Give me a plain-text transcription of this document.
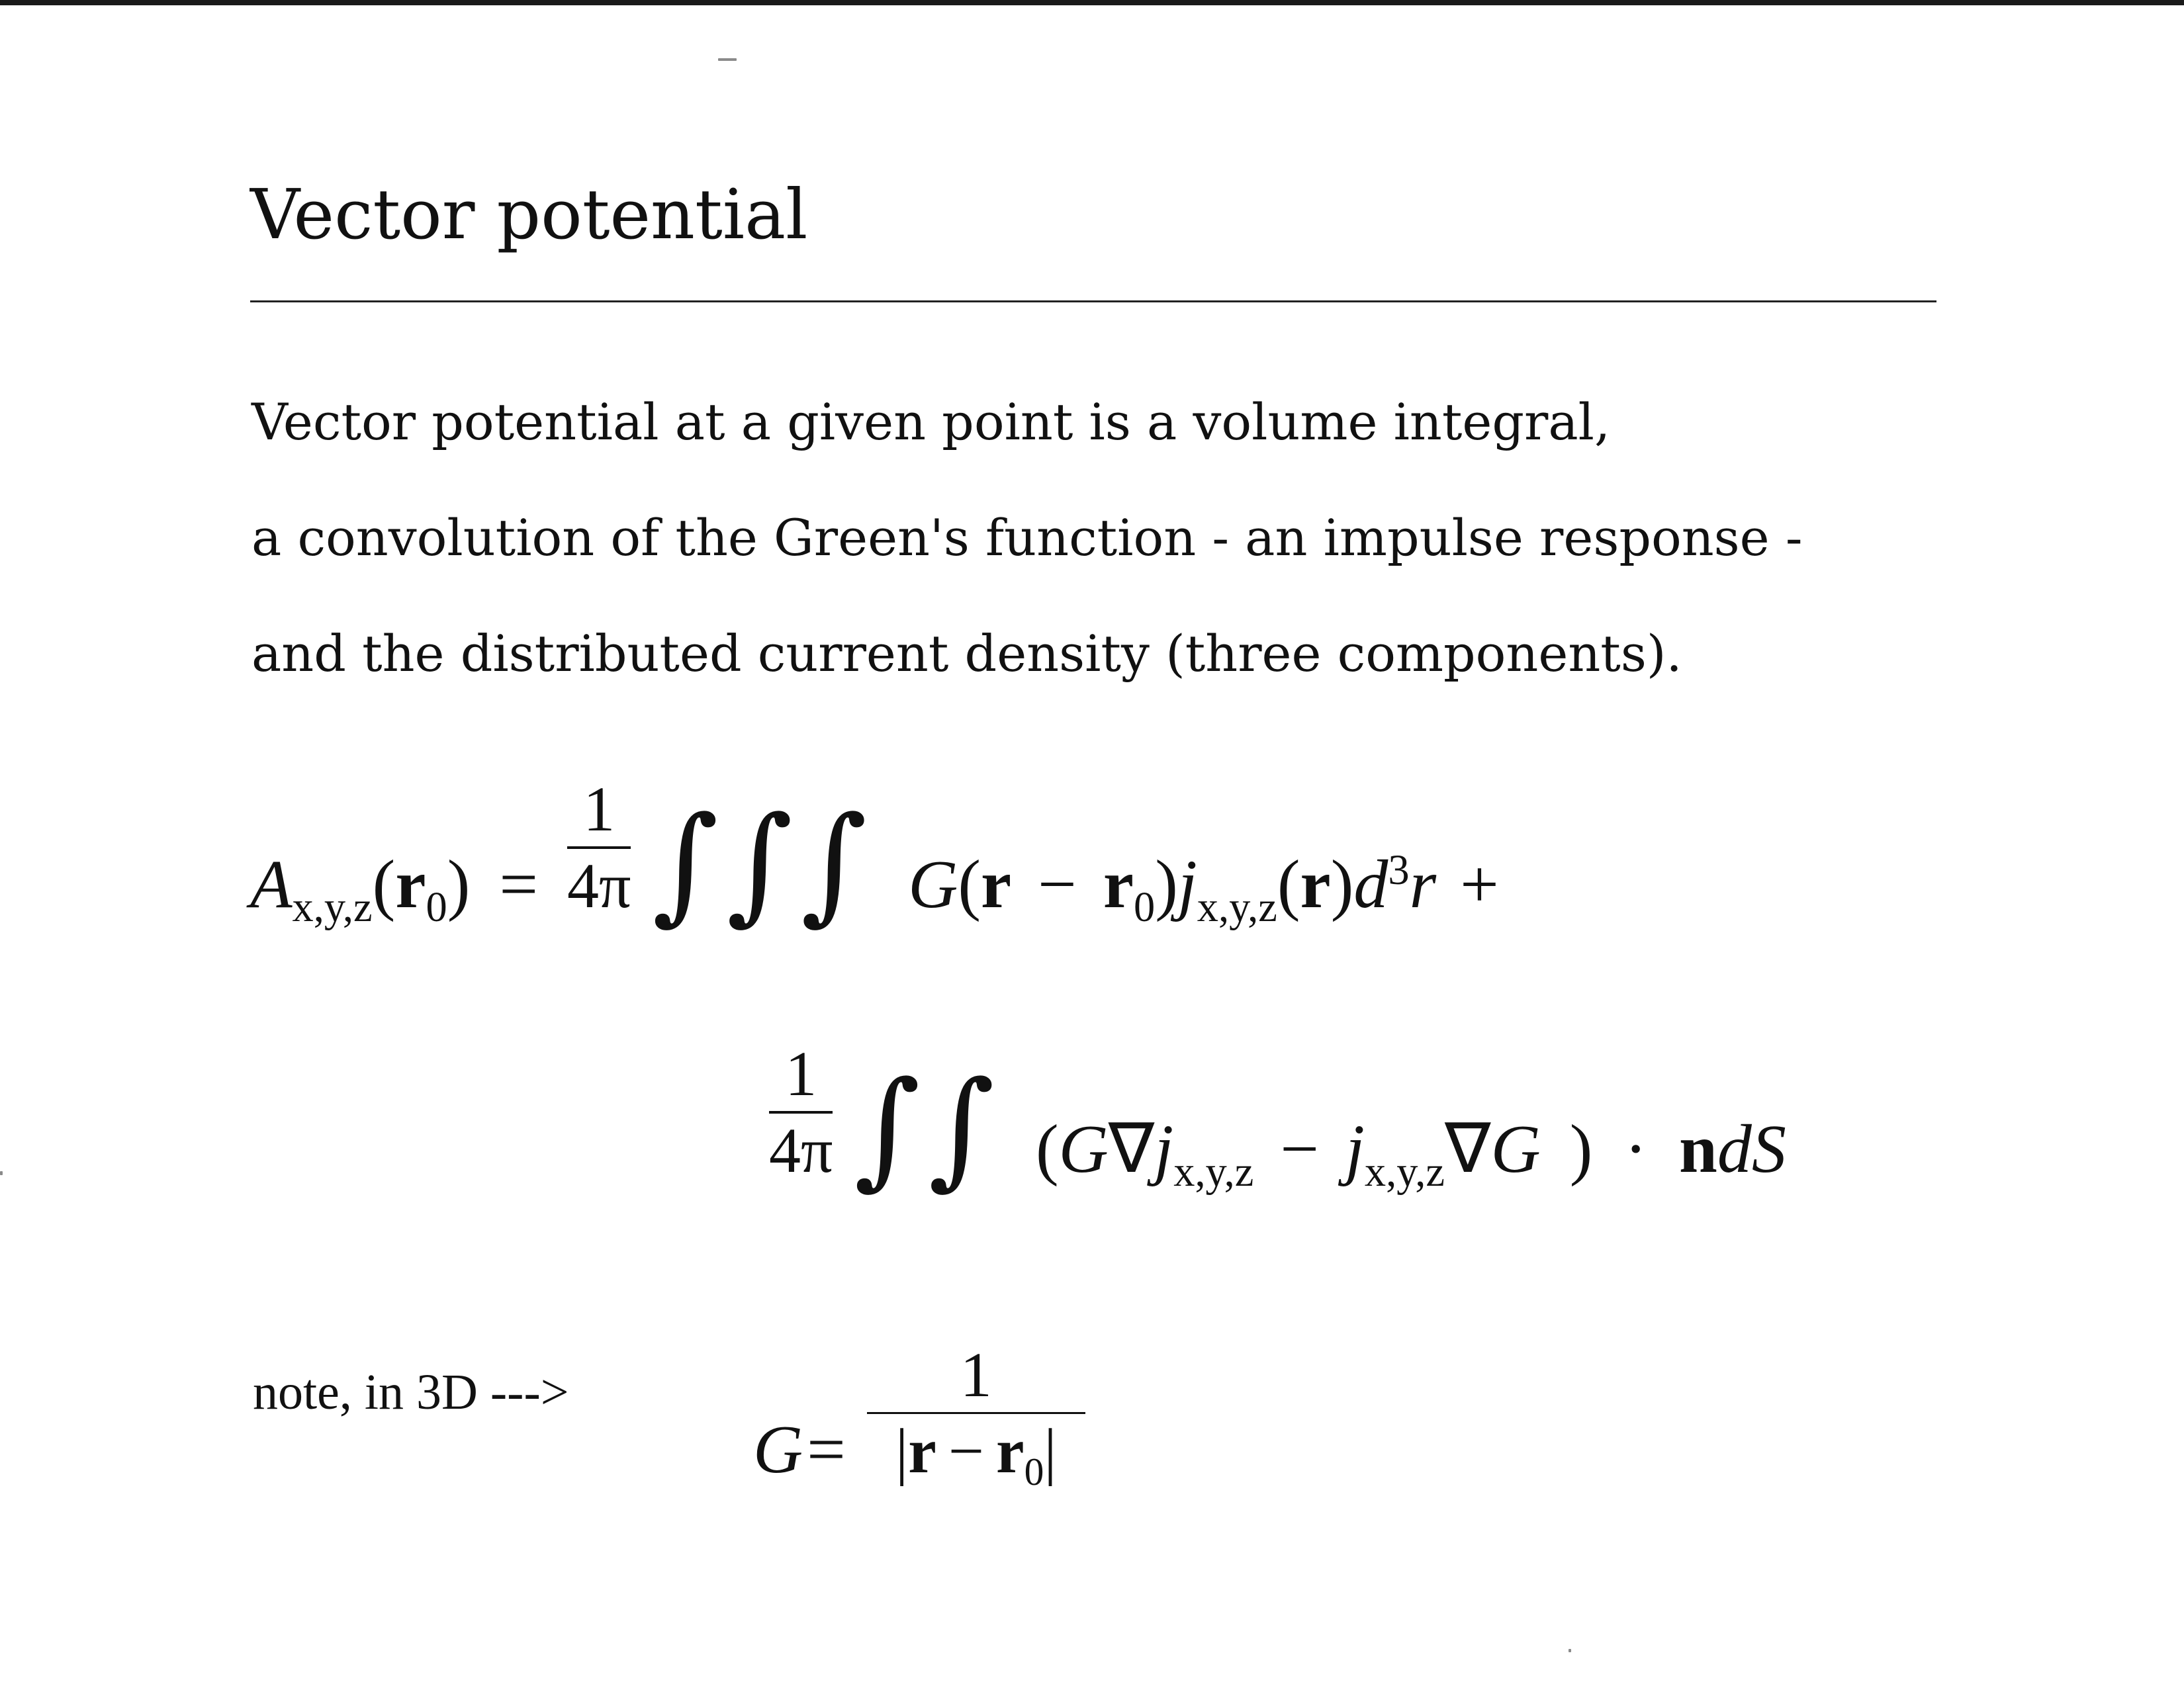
Vector potential
Vector potential at a given point is a volume integral,
a convolution of the Green's function - an impulse response -
and the distributed current density (three components).
$Ax,y,z(r0) = \frac{1}{4\pi}$ ∫∫∫ G(r − r0)jx,y,z(r)d3r +
$\frac{1}{4\pi}$ ∫∫ (G∇jx,y,z − jx,y,z∇G ) · ndS
note, in 3D --->
$G= \frac{1}{|r - r0|}$
